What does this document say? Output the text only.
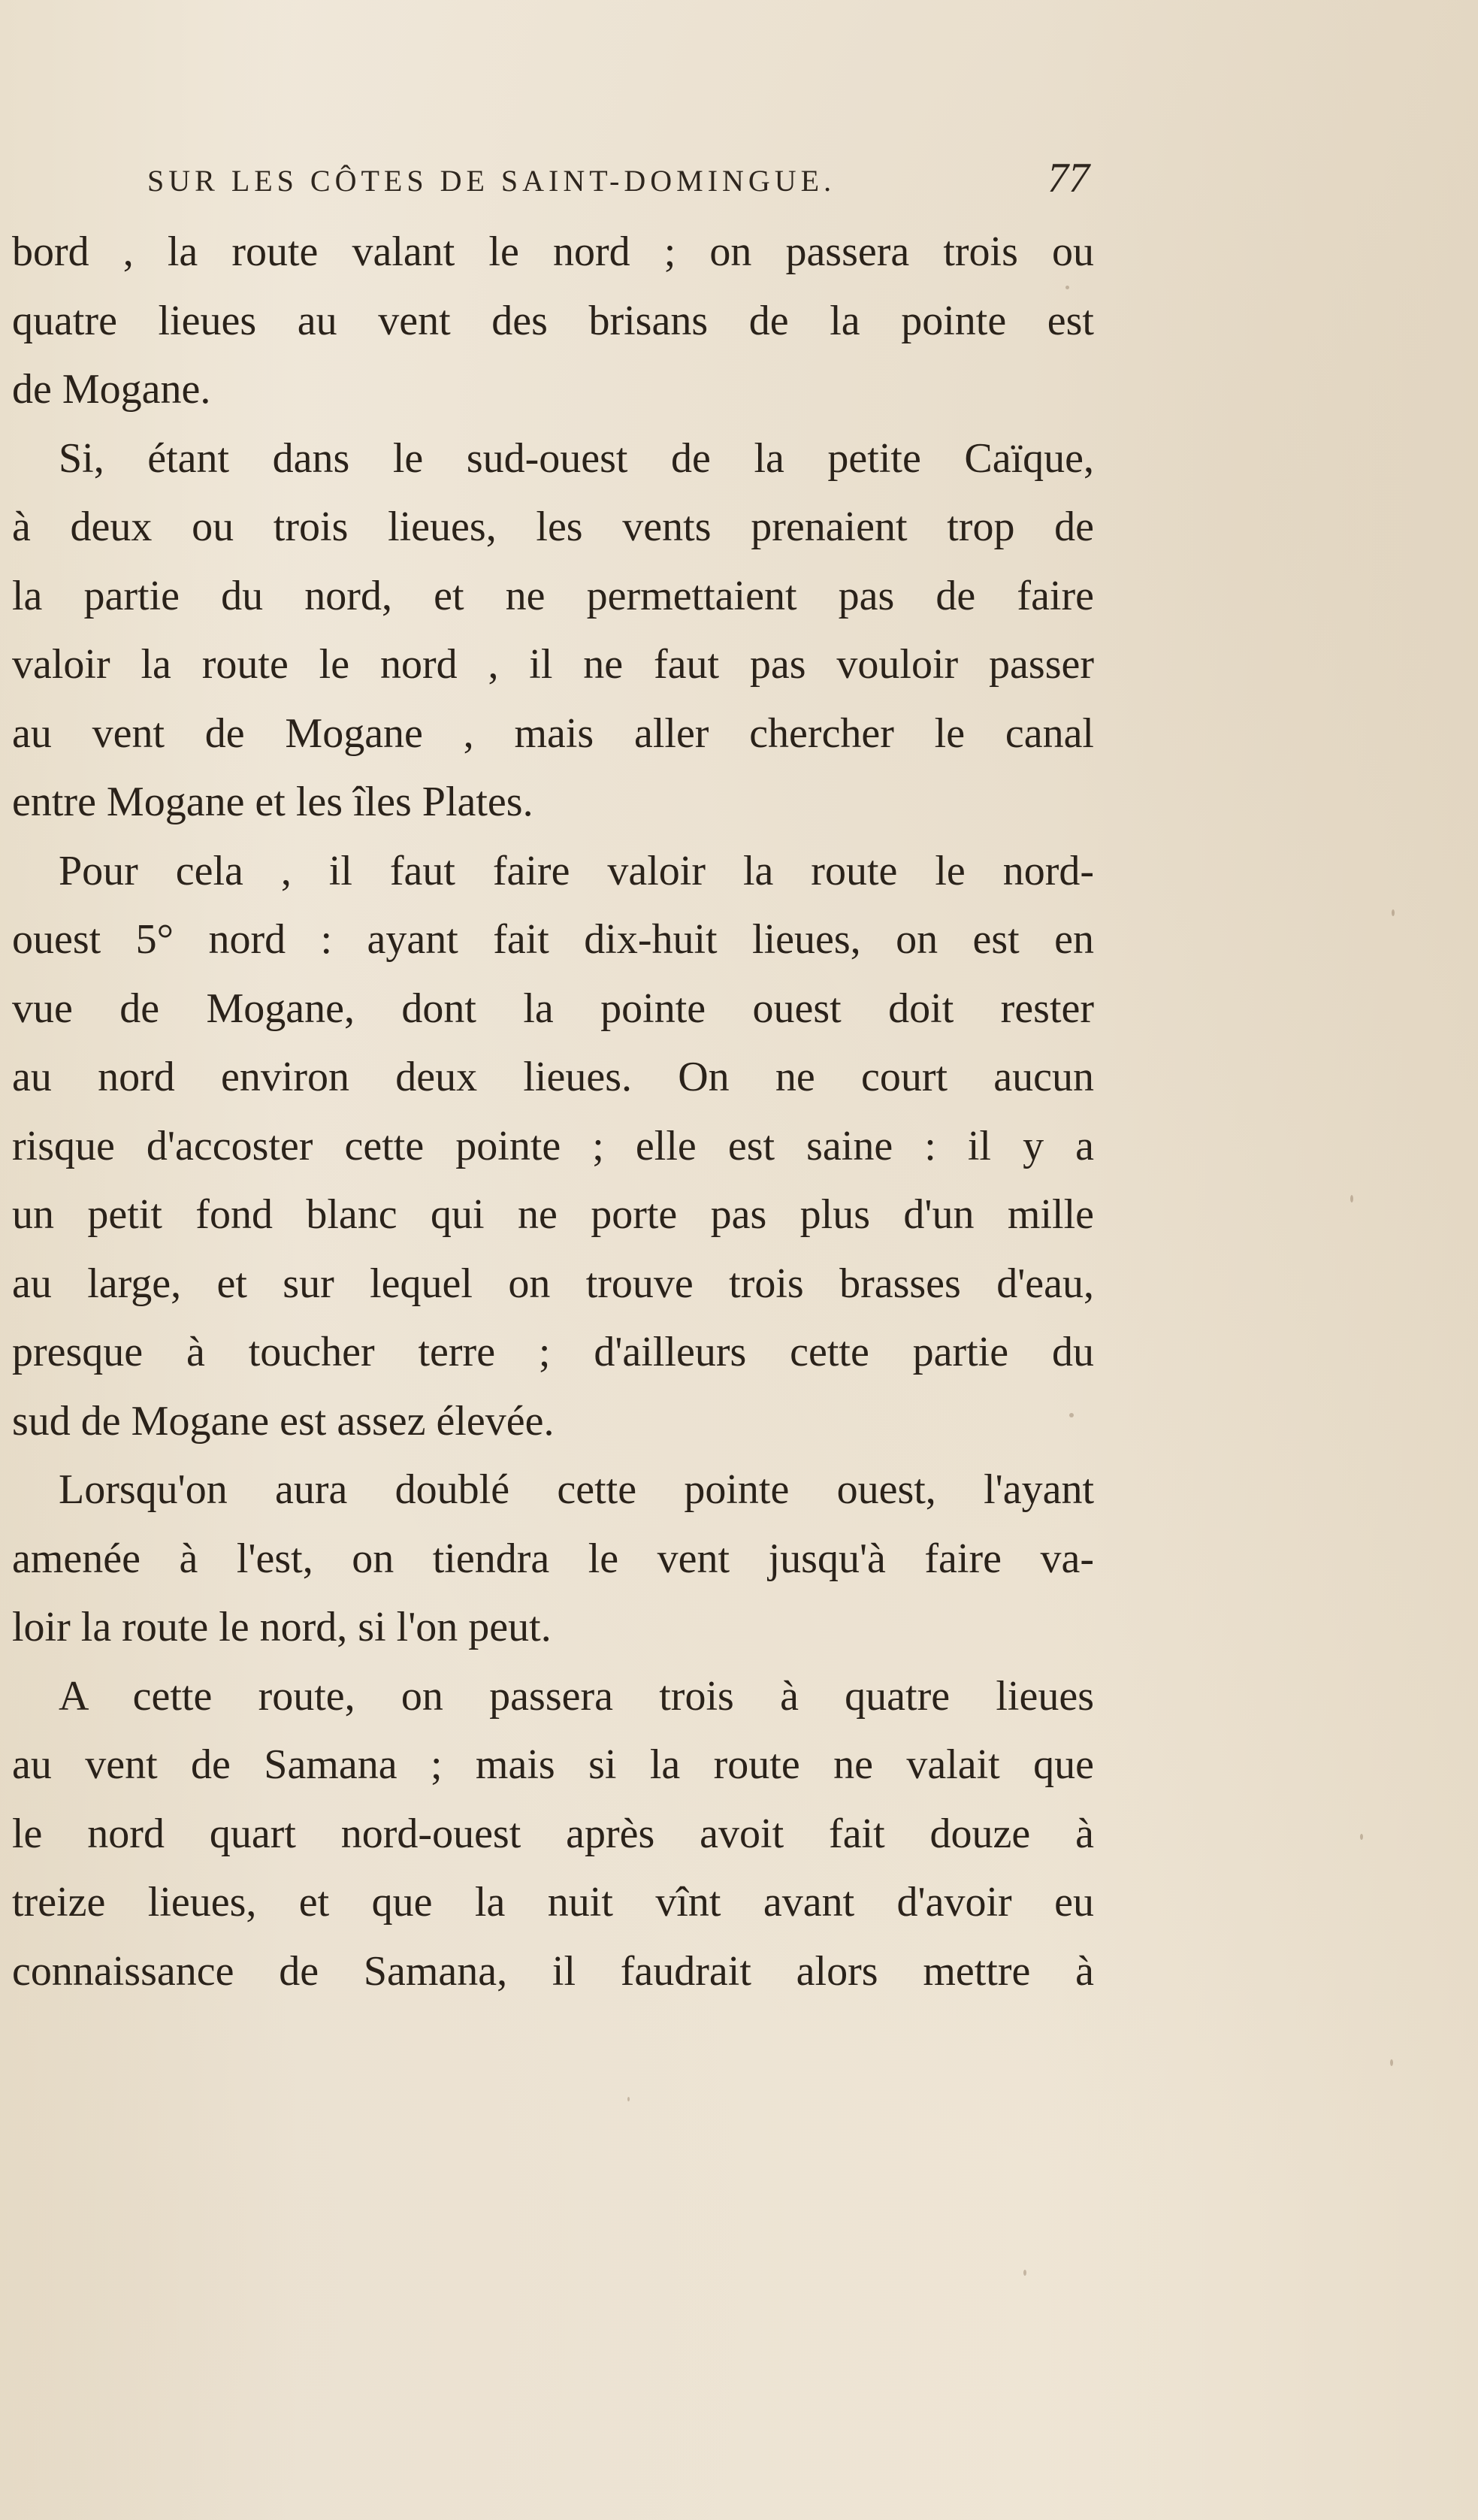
SUR LES CÔTES DE SAINT-DOMINGUE.	77
bord , la route valant le nord ; on passera trois ou
quatre lieues au vent des brisans de la pointe est
de Mogane.
Si, étant dans le sud-ouest de la petite Caïque,
à deux ou trois lieues, les vents prenaient trop de
la partie du nord, et ne permettaient pas de faire
valoir la route le nord , il ne faut pas vouloir passer
au vent de Mogane , mais aller chercher le canal
entre Mogane et les îles Plates.
Pour cela , il faut faire valoir la route le nord-
ouest 5° nord : ayant fait dix-huit lieues, on est en
vue de Mogane, dont la pointe ouest doit rester
au nord environ deux lieues. On ne court aucun
risque d'accoster cette pointe ; elle est saine : il y a
un petit fond blanc qui ne porte pas plus d'un mille
au large, et sur lequel on trouve trois brasses d'eau,
presque à toucher terre ; d'ailleurs cette partie du
sud de Mogane est assez élevée.
Lorsqu'on aura doublé cette pointe ouest, l'ayant
amenée à l'est, on tiendra le vent jusqu'à faire va-
loir la route le nord, si l'on peut.
A cette route, on passera trois à quatre lieues
au vent de Samana ; mais si la route ne valait que
le nord quart nord-ouest après avoit fait douze à
treize lieues, et que la nuit vînt avant d'avoir eu
connaissance de Samana, il faudrait alors mettre à
